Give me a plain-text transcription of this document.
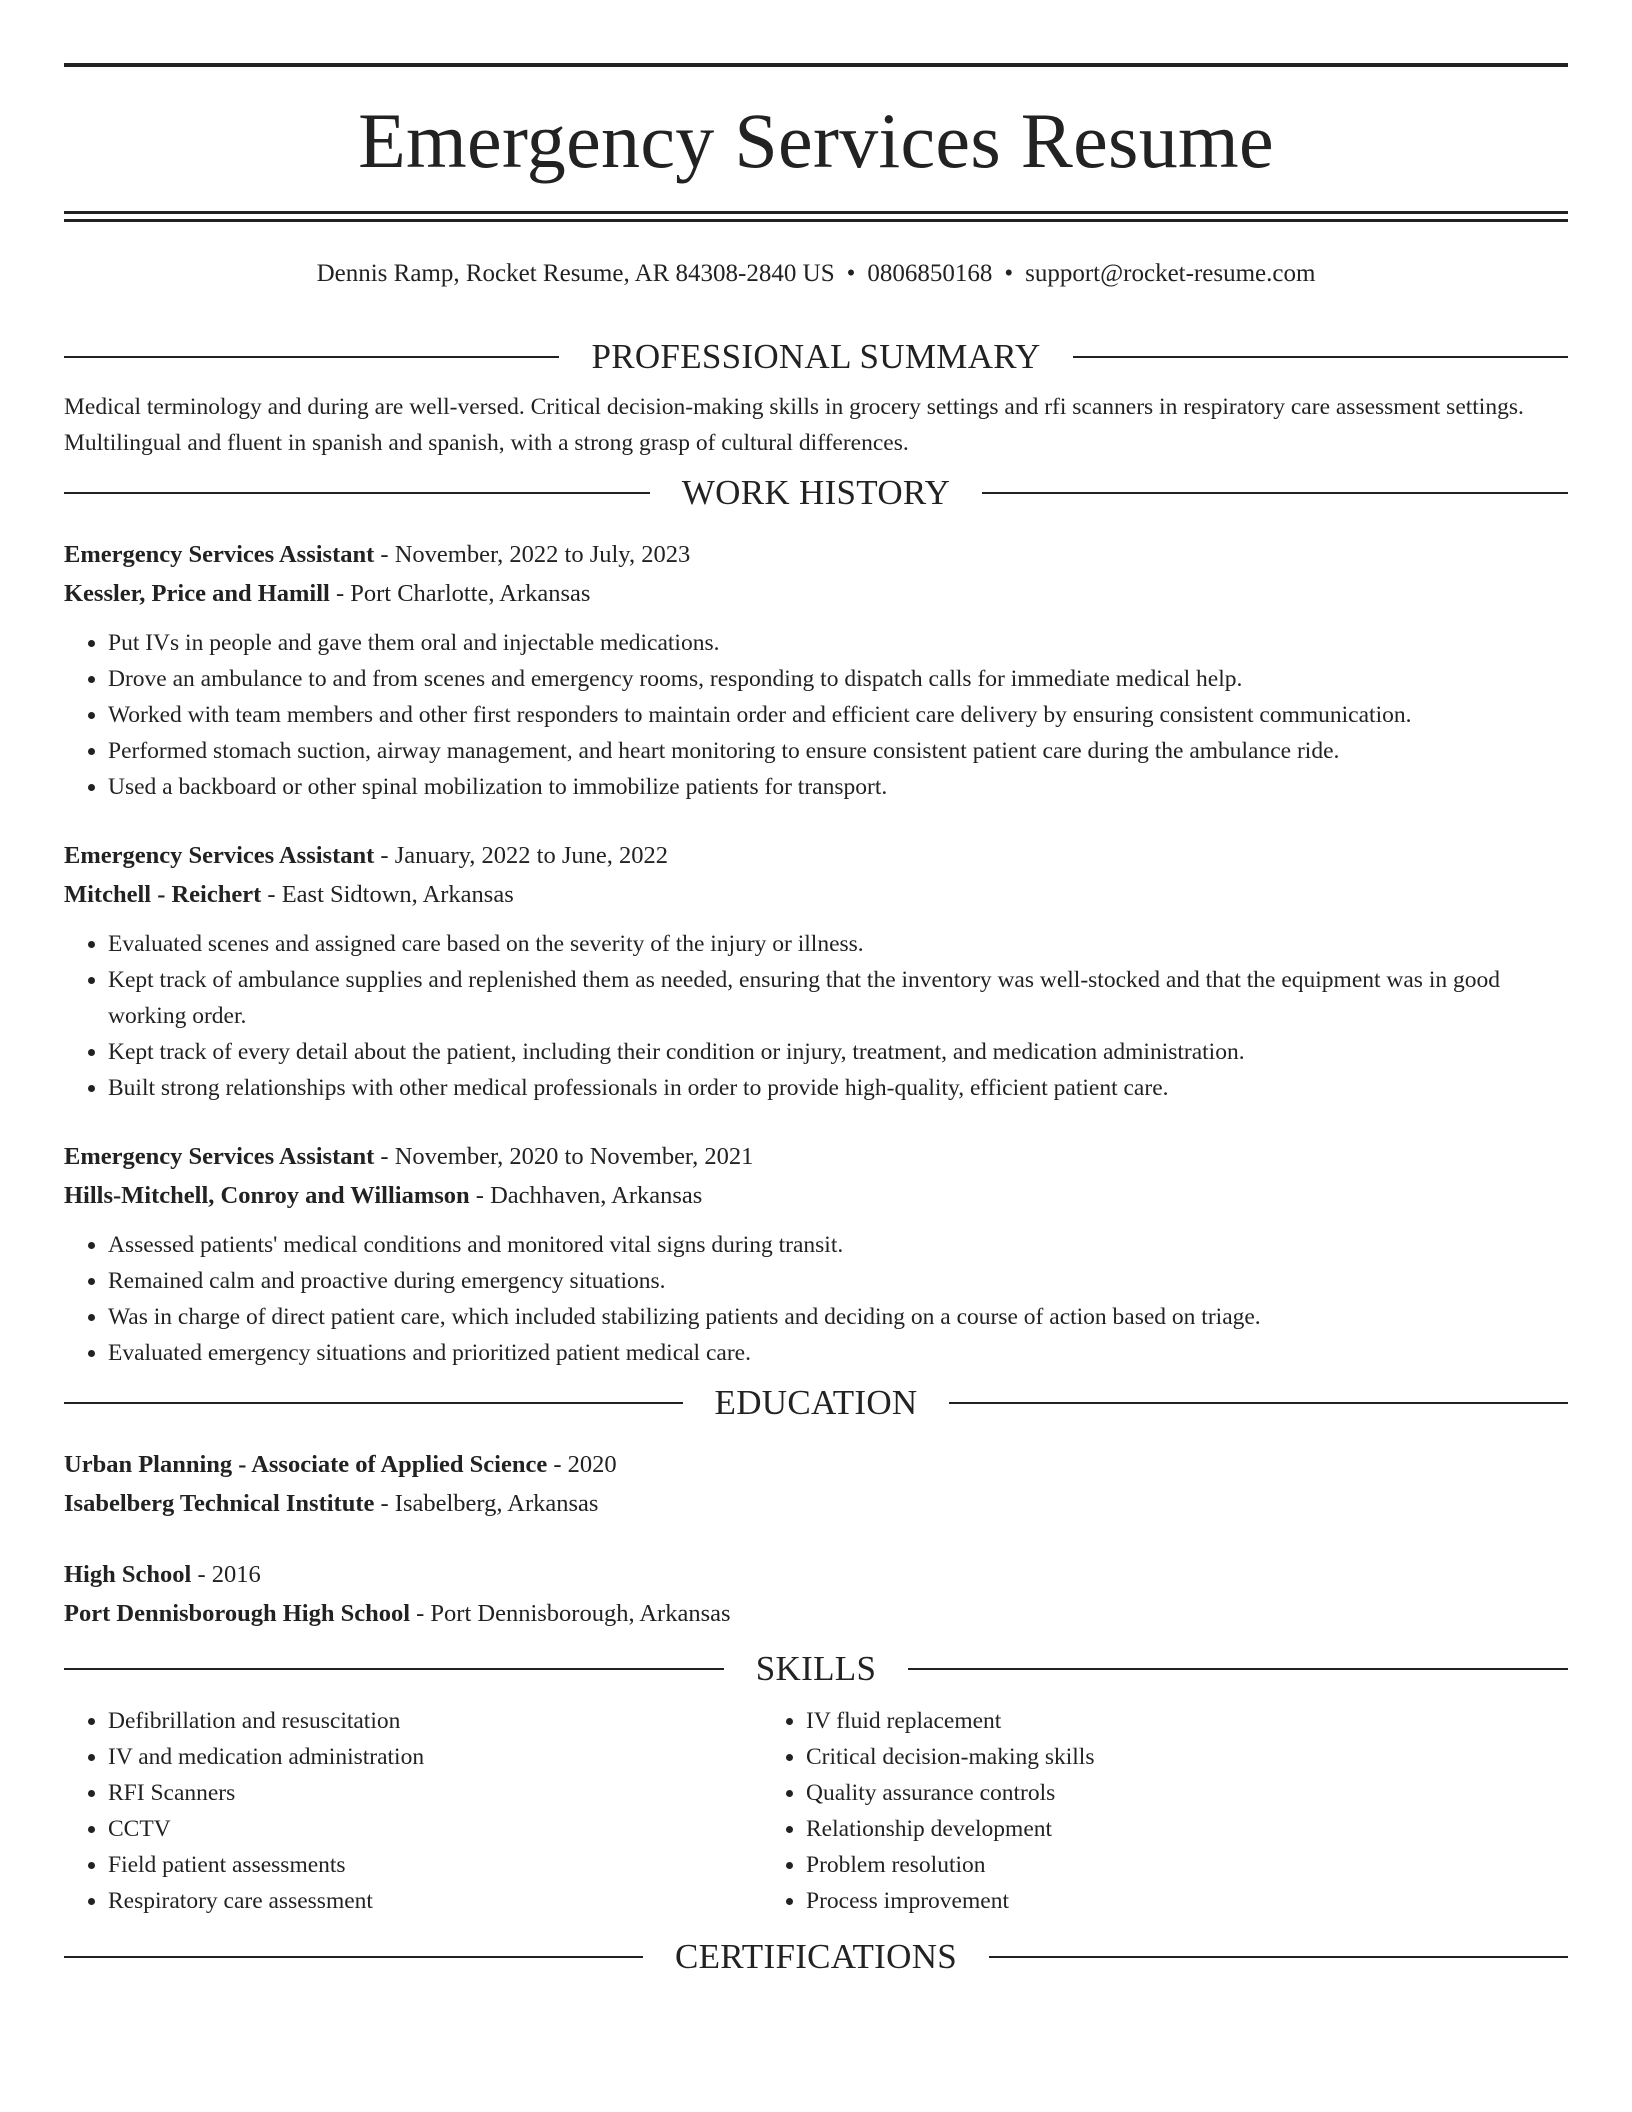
Emergency Services Resume
Dennis Ramp, Rocket Resume, AR 84308-2840 US • 0806850168 • support@rocket-resume.com
PROFESSIONAL SUMMARY
Medical terminology and during are well-versed. Critical decision-making skills in grocery settings and rfi scanners in respiratory care assessment settings. Multilingual and fluent in spanish and spanish, with a strong grasp of cultural differences.
WORK HISTORY
Emergency Services Assistant - November, 2022 to July, 2023
Kessler, Price and Hamill - Port Charlotte, Arkansas
• Put IVs in people and gave them oral and injectable medications.
• Drove an ambulance to and from scenes and emergency rooms, responding to dispatch calls for immediate medical help.
• Worked with team members and other first responders to maintain order and efficient care delivery by ensuring consistent communication.
• Performed stomach suction, airway management, and heart monitoring to ensure consistent patient care during the ambulance ride.
• Used a backboard or other spinal mobilization to immobilize patients for transport.
Emergency Services Assistant - January, 2022 to June, 2022
Mitchell - Reichert - East Sidtown, Arkansas
• Evaluated scenes and assigned care based on the severity of the injury or illness.
• Kept track of ambulance supplies and replenished them as needed, ensuring that the inventory was well-stocked and that the equipment was in good working order.
• Kept track of every detail about the patient, including their condition or injury, treatment, and medication administration.
• Built strong relationships with other medical professionals in order to provide high-quality, efficient patient care.
Emergency Services Assistant - November, 2020 to November, 2021
Hills-Mitchell, Conroy and Williamson - Dachhaven, Arkansas
• Assessed patients' medical conditions and monitored vital signs during transit.
• Remained calm and proactive during emergency situations.
• Was in charge of direct patient care, which included stabilizing patients and deciding on a course of action based on triage.
• Evaluated emergency situations and prioritized patient medical care.
EDUCATION
Urban Planning - Associate of Applied Science - 2020
Isabelberg Technical Institute - Isabelberg, Arkansas
High School - 2016
Port Dennisborough High School - Port Dennisborough, Arkansas
SKILLS
• Defibrillation and resuscitation
• IV and medication administration
• RFI Scanners
• CCTV
• Field patient assessments
• Respiratory care assessment
• IV fluid replacement
• Critical decision-making skills
• Quality assurance controls
• Relationship development
• Problem resolution
• Process improvement
CERTIFICATIONS
